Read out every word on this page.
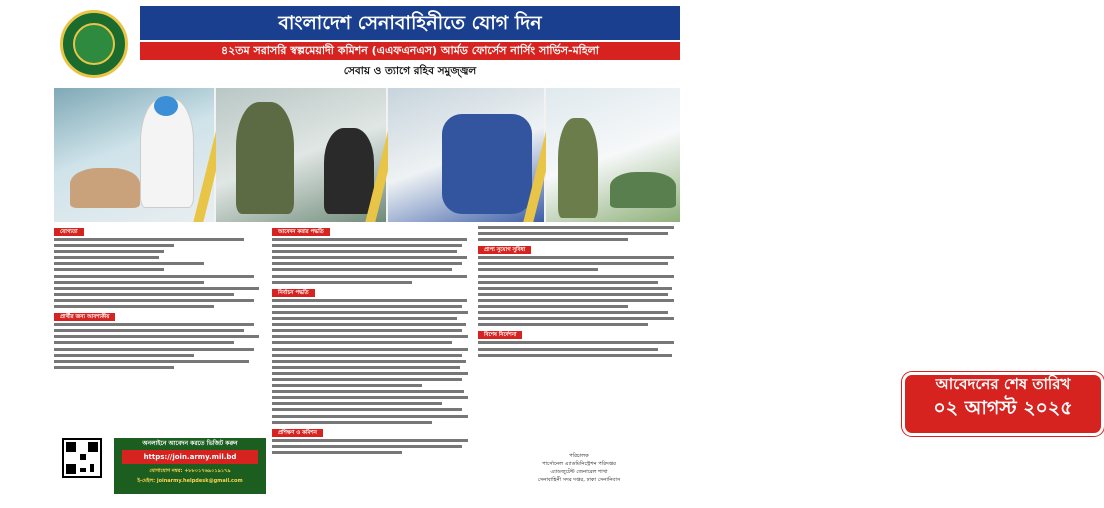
বাংলাদেশ সেনাবাহিনীতে যোগ দিন
৪২তম সরাসরি স্বল্পমেয়াদী কমিশন (এএফএনএস) আর্মড ফোর্সেস নার্সিং সার্ভিস-মহিলা
সেবায় ও ত্যাগে রহিব সমুজ্জ্বল
যোগ্যতা
প্রার্থীর জন্য আবশ্যকীয়
অনলাইনে আবেদন করতে ভিজিট করুন
https://join.army.mil.bd
যোগাযোগ নম্বর: +৮৮০১৭৬৯০১৯১৭৯
ই-মেইল: joinarmy.helpdesk@gmail.com
আবেদন করার পদ্ধতি
নির্বাচন পদ্ধতি
প্রশিক্ষণ ও কমিশন
প্রাপ্য সুযোগ সুবিধা
বিশেষ নির্দেশনা
আবেদনের শেষ তারিখ
০২ আগস্ট ২০২৫
পরিচালক
পার্সোনেল এ্যাডমিনিস্ট্রেশন পরিদপ্তর
এ্যাডজুটেন্ট জেনারেল শাখা
সেনাবাহিনী সদর দপ্তর, ঢাকা সেনানিবাস
